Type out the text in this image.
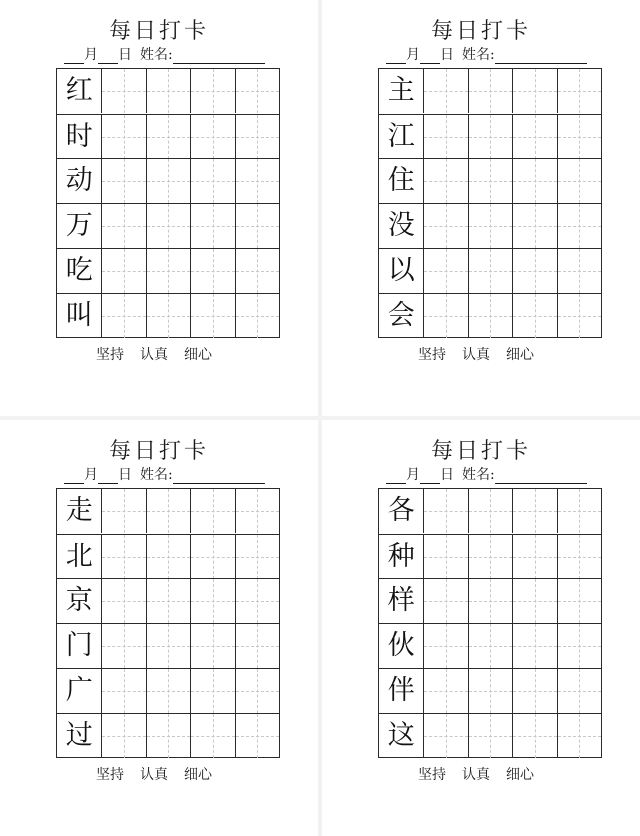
每日打卡
月 日 姓名:
红
时
动
万
吃
叫
坚持 认真 细心
每日打卡
月 日 姓名:
主
江
住
没
以
会
坚持 认真 细心
每日打卡
月 日 姓名:
走
北
京
门
广
过
坚持 认真 细心
每日打卡
月 日 姓名:
各
种
样
伙
伴
这
坚持 认真 细心
